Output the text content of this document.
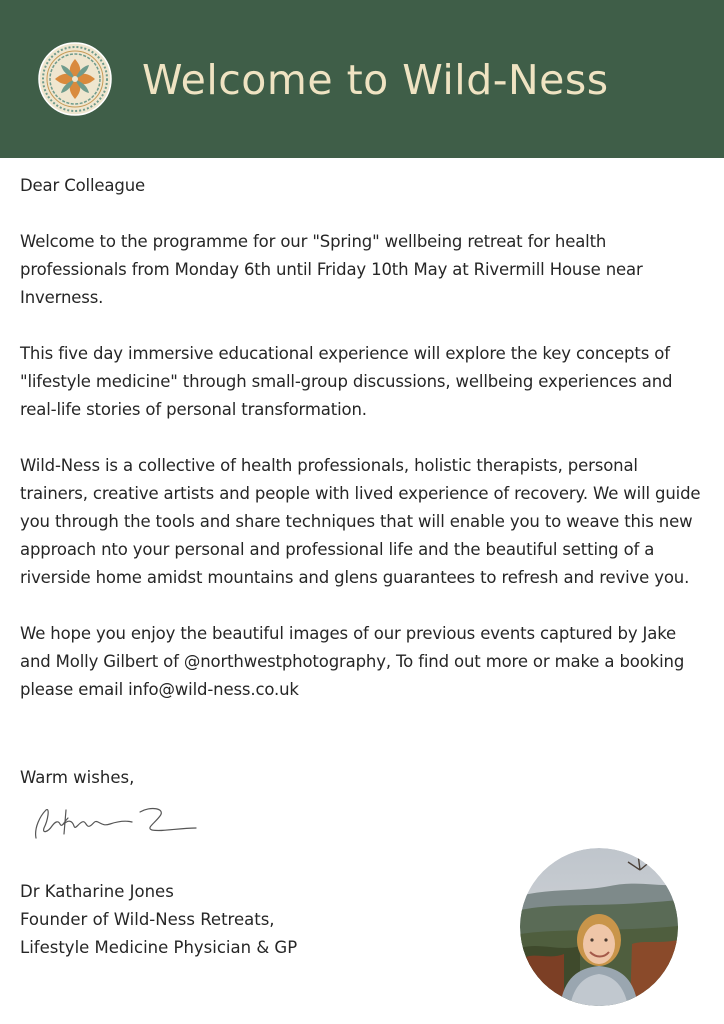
Welcome to Wild-Ness

Dear Colleague

Welcome to the programme for our "Spring" wellbeing retreat for health professionals from Monday 6th until Friday 10th May at Rivermill House near Inverness.

This five day immersive educational experience will explore the key concepts of "lifestyle medicine" through small-group discussions, wellbeing experiences and real-life stories of personal transformation.

Wild-Ness is a collective of health professionals, holistic therapists, personal trainers, creative artists and people with lived experience of recovery. We will guide you through the tools and share techniques that will enable you to weave this new approach nto your personal and professional life and the beautiful setting of a riverside home amidst mountains and glens guarantees to refresh and revive you.

We hope you enjoy the beautiful images of our previous events captured by Jake and Molly Gilbert of @northwestphotography, To find out more or make a booking please email info@wild-ness.co.uk

Warm wishes,
Dr Katharine Jones
Founder of Wild-Ness Retreats,
Lifestyle Medicine Physician & GP
